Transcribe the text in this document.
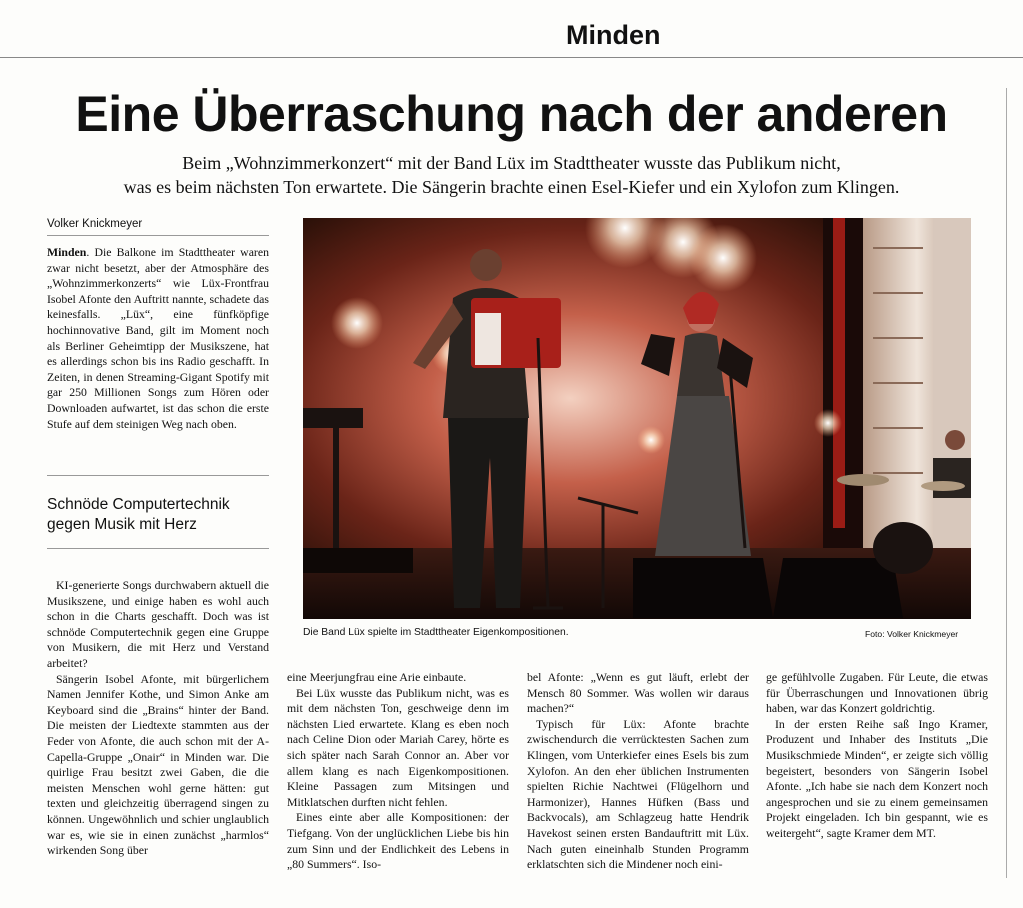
Minden
Eine Überraschung nach der anderen
Beim „Wohnzimmerkonzert“ mit der Band Lüx im Stadttheater wusste das Publikum nicht,
was es beim nächsten Ton erwartete. Die Sängerin brachte einen Esel-Kiefer und ein Xylofon zum Klingen.
Volker Knickmeyer

Minden. Die Balkone im Stadttheater waren zwar nicht besetzt, aber der Atmosphäre des „Wohnzimmerkonzerts“ wie Lüx-Frontfrau Isobel Afonte den Auftritt nannte, schadete das keinesfalls. „Lüx“, eine fünfköpfige hochinnovative Band, gilt im Moment noch als Berliner Geheimtipp der Musikszene, hat es allerdings schon bis ins Radio geschafft. In Zeiten, in denen Streaming-Gigant Spotify mit gar 250 Millionen Songs zum Hören oder Downloaden aufwartet, ist das schon die erste Stufe auf dem steinigen Weg nach oben.

Schnöde Computertechnik gegen Musik mit Herz

KI-generierte Songs durchwabern aktuell die Musikszene, und einige haben es wohl auch schon in die Charts geschafft. Doch was ist schnöde Computertechnik gegen eine Gruppe von Musikern, die mit Herz und Verstand arbeitet?

Sängerin Isobel Afonte, mit bürgerlichem Namen Jennifer Kothe, und Simon Anke am Keyboard sind die „Brains“ hinter der Band. Die meisten der Liedtexte stammten aus der Feder von Afonte, die auch schon mit der A-Capella-Gruppe „Onair“ in Minden war. Die quirlige Frau besitzt zwei Gaben, die die meisten Menschen wohl gerne hätten: gut texten und gleichzeitig überragend singen zu können. Ungewöhnlich und schier unglaublich war es, wie sie in einen zunächst „harmlos“ wirkenden Song über

Die Band Lüx spielte im Stadttheater Eigenkompositionen.	Foto: Volker Knickmeyer

eine Meerjungfrau eine Arie einbaute.

Bei Lüx wusste das Publikum nicht, was es mit dem nächsten Ton, geschweige denn im nächsten Lied erwartete. Klang es eben noch nach Celine Dion oder Mariah Carey, hörte es sich später nach Sarah Connor an. Aber vor allem klang es nach Eigenkompositionen. Kleine Passagen zum Mitsingen und Mitklatschen durften nicht fehlen.

Eines einte aber alle Kompositionen: der Tiefgang. Von der unglücklichen Liebe bis hin zum Sinn und der Endlichkeit des Lebens in „80 Summers“. Iso-

bel Afonte: „Wenn es gut läuft, erlebt der Mensch 80 Sommer. Was wollen wir daraus machen?“

Typisch für Lüx: Afonte brachte zwischendurch die verrücktesten Sachen zum Klingen, vom Unterkiefer eines Esels bis zum Xylofon. An den eher üblichen Instrumenten spielten Richie Nachtwei (Flügelhorn und Harmonizer), Hannes Hüfken (Bass und Backvocals), am Schlagzeug hatte Hendrik Havekost seinen ersten Bandauftritt mit Lüx. Nach guten eineinhalb Stunden Programm erklatschten sich die Mindener noch eini-

ge gefühlvolle Zugaben. Für Leute, die etwas für Überraschungen und Innovationen übrig haben, war das Konzert goldrichtig.

In der ersten Reihe saß Ingo Kramer, Produzent und Inhaber des Instituts „Die Musikschmiede Minden“, er zeigte sich völlig begeistert, besonders von Sängerin Isobel Afonte. „Ich habe sie nach dem Konzert noch angesprochen und sie zu einem gemeinsamen Projekt eingeladen. Ich bin gespannt, wie es weitergeht“, sagte Kramer dem MT.
